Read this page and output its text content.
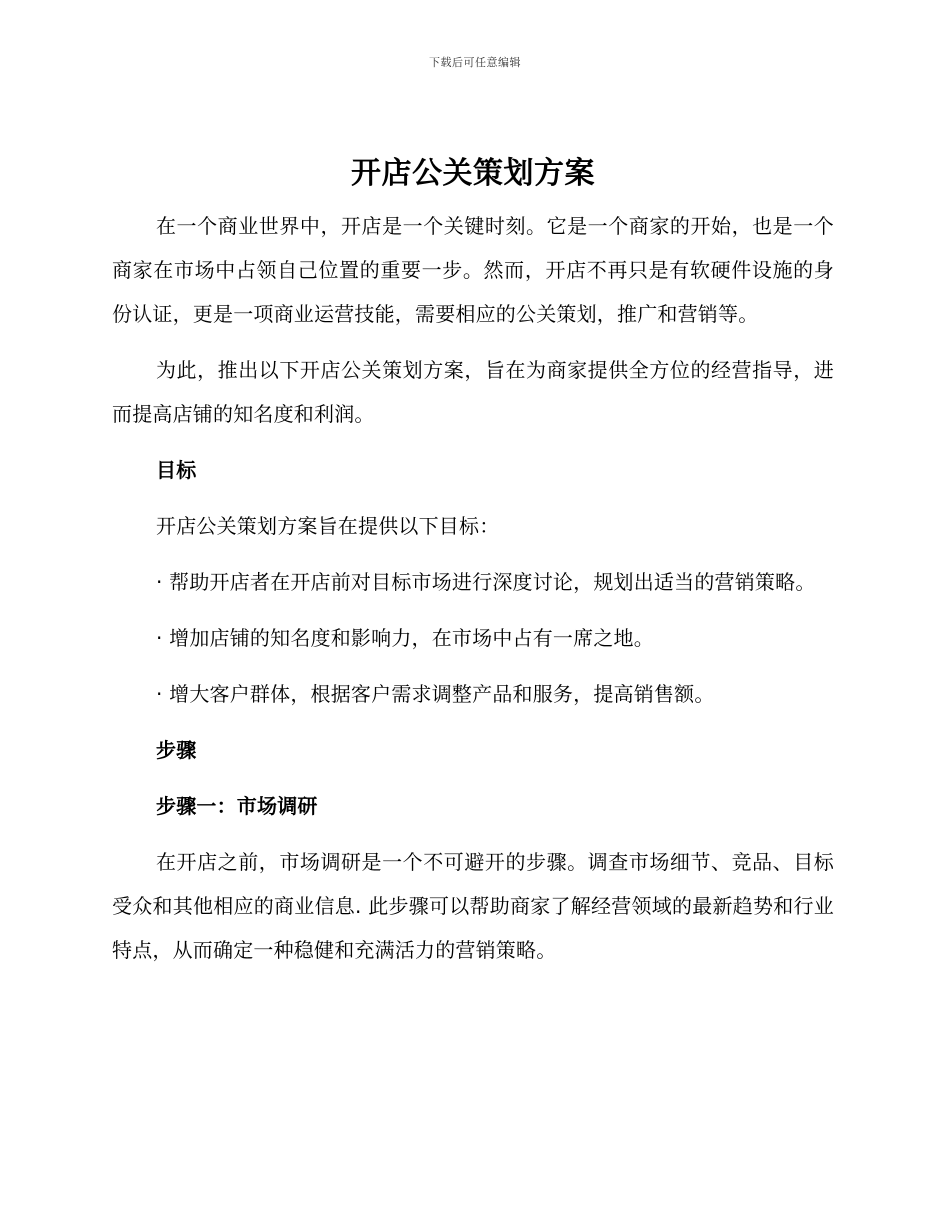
下载后可任意编辑
开店公关策划方案

在一个商业世界中，开店是一个关键时刻。它是一个商家的开始，也是一个商家在市场中占领自己位置的重要一步。然而，开店不再只是有软硬件设施的身份认证，更是一项商业运营技能，需要相应的公关策划，推广和营销等。

为此，推出以下开店公关策划方案，旨在为商家提供全方位的经营指导，进而提高店铺的知名度和利润。

目标

开店公关策划方案旨在提供以下目标：

· 帮助开店者在开店前对目标市场进行深度讨论，规划出适当的营销策略。

· 增加店铺的知名度和影响力，在市场中占有一席之地。

· 增大客户群体，根据客户需求调整产品和服务，提高销售额。

步骤

步骤一：市场调研

在开店之前，市场调研是一个不可避开的步骤。调查市场细节、竞品、目标受众和其他相应的商业信息. 此步骤可以帮助商家了解经营领域的最新趋势和行业特点，从而确定一种稳健和充满活力的营销策略。
